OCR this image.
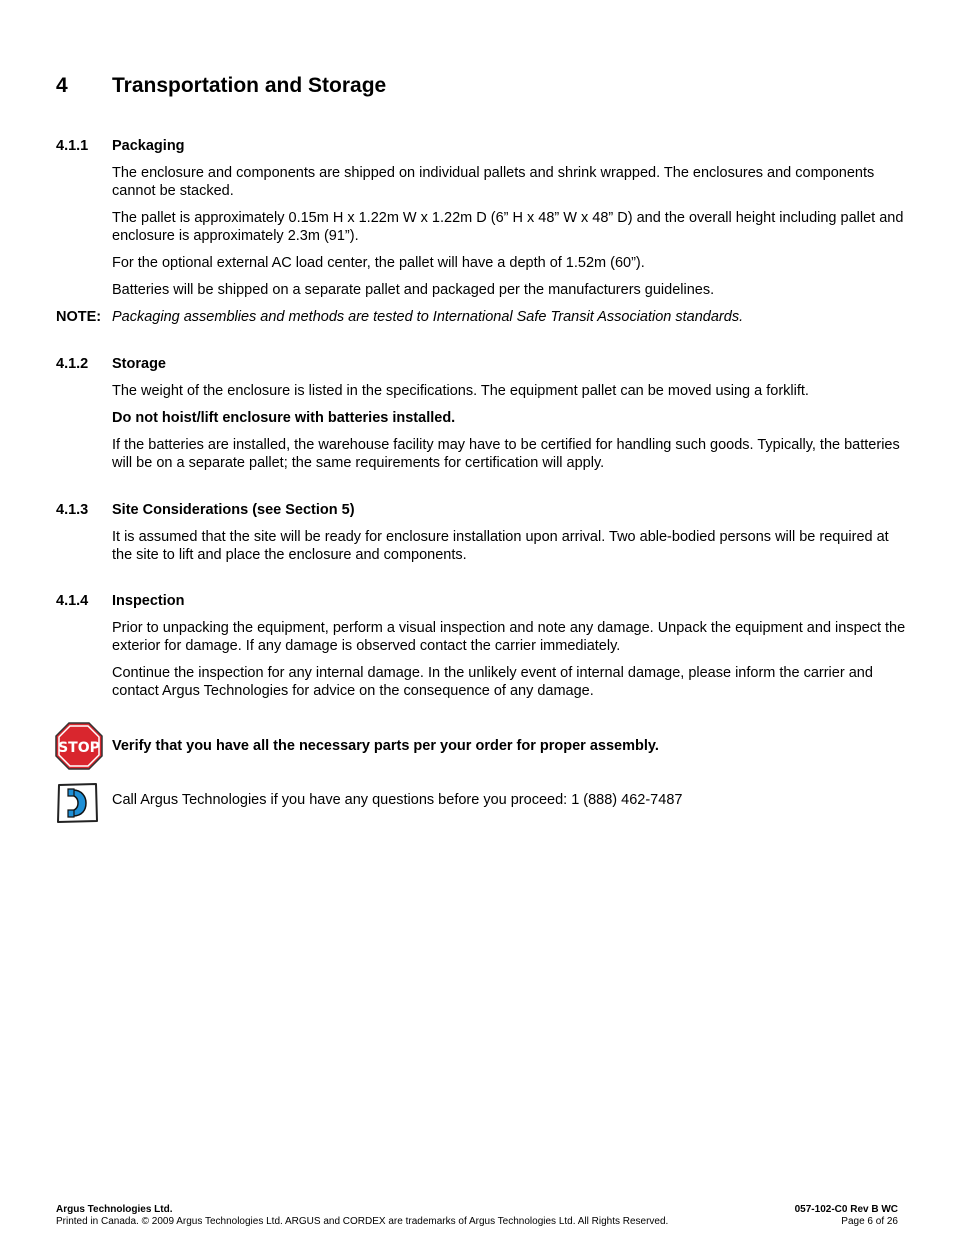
4 Transportation and Storage
4.1.1 Packaging
The enclosure and components are shipped on individual pallets and shrink wrapped. The enclosures and components cannot be stacked.
The pallet is approximately 0.15m H x 1.22m W x 1.22m D (6” H x 48” W x 48” D) and the overall height including pallet and enclosure is approximately 2.3m (91”).
For the optional external AC load center, the pallet will have a depth of 1.52m (60”).
Batteries will be shipped on a separate pallet and packaged per the manufacturers guidelines.
NOTE: Packaging assemblies and methods are tested to International Safe Transit Association standards.
4.1.2 Storage
The weight of the enclosure is listed in the specifications. The equipment pallet can be moved using a forklift.
Do not hoist/lift enclosure with batteries installed.
If the batteries are installed, the warehouse facility may have to be certified for handling such goods. Typically, the batteries will be on a separate pallet; the same requirements for certification will apply.
4.1.3 Site Considerations (see Section 5)
It is assumed that the site will be ready for enclosure installation upon arrival. Two able-bodied persons will be required at the site to lift and place the enclosure and components.
4.1.4 Inspection
Prior to unpacking the equipment, perform a visual inspection and note any damage. Unpack the equipment and inspect the exterior for damage. If any damage is observed contact the carrier immediately.
Continue the inspection for any internal damage. In the unlikely event of internal damage, please inform the carrier and contact Argus Technologies for advice on the consequence of any damage.
STOP Verify that you have all the necessary parts per your order for proper assembly.
Call Argus Technologies if you have any questions before you proceed: 1 (888) 462-7487
Argus Technologies Ltd.	057-102-C0 Rev B WC
Printed in Canada. © 2009 Argus Technologies Ltd. ARGUS and CORDEX are trademarks of Argus Technologies Ltd. All Rights Reserved.	Page 6 of 26
